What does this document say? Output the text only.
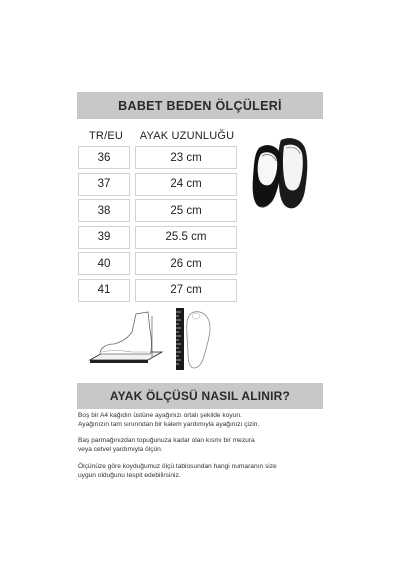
BABET BEDEN ÖLÇÜLERİ
TR/EU	AYAK UZUNLUĞU
36	23 cm
37	24 cm
38	25 cm
39	25.5 cm
40	26 cm
41	27 cm
AYAK ÖLÇÜSÜ NASIL ALINIR?
Boş bir A4 kağıdın üstüne ayağınızı ortalı şekilde koyun.
Ayağınızın tam sınırından bir kalem yardımıyla ayağınızı çizin.
Baş parmağınızdan topuğunuza kadar olan kısmı bir mezura
veya cetvel yardımıyla ölçün.
Ölçünüze göre koyduğumuz ölçü tablosundan hangi numaranın size
uygun olduğunu tespit edebilirsiniz.
